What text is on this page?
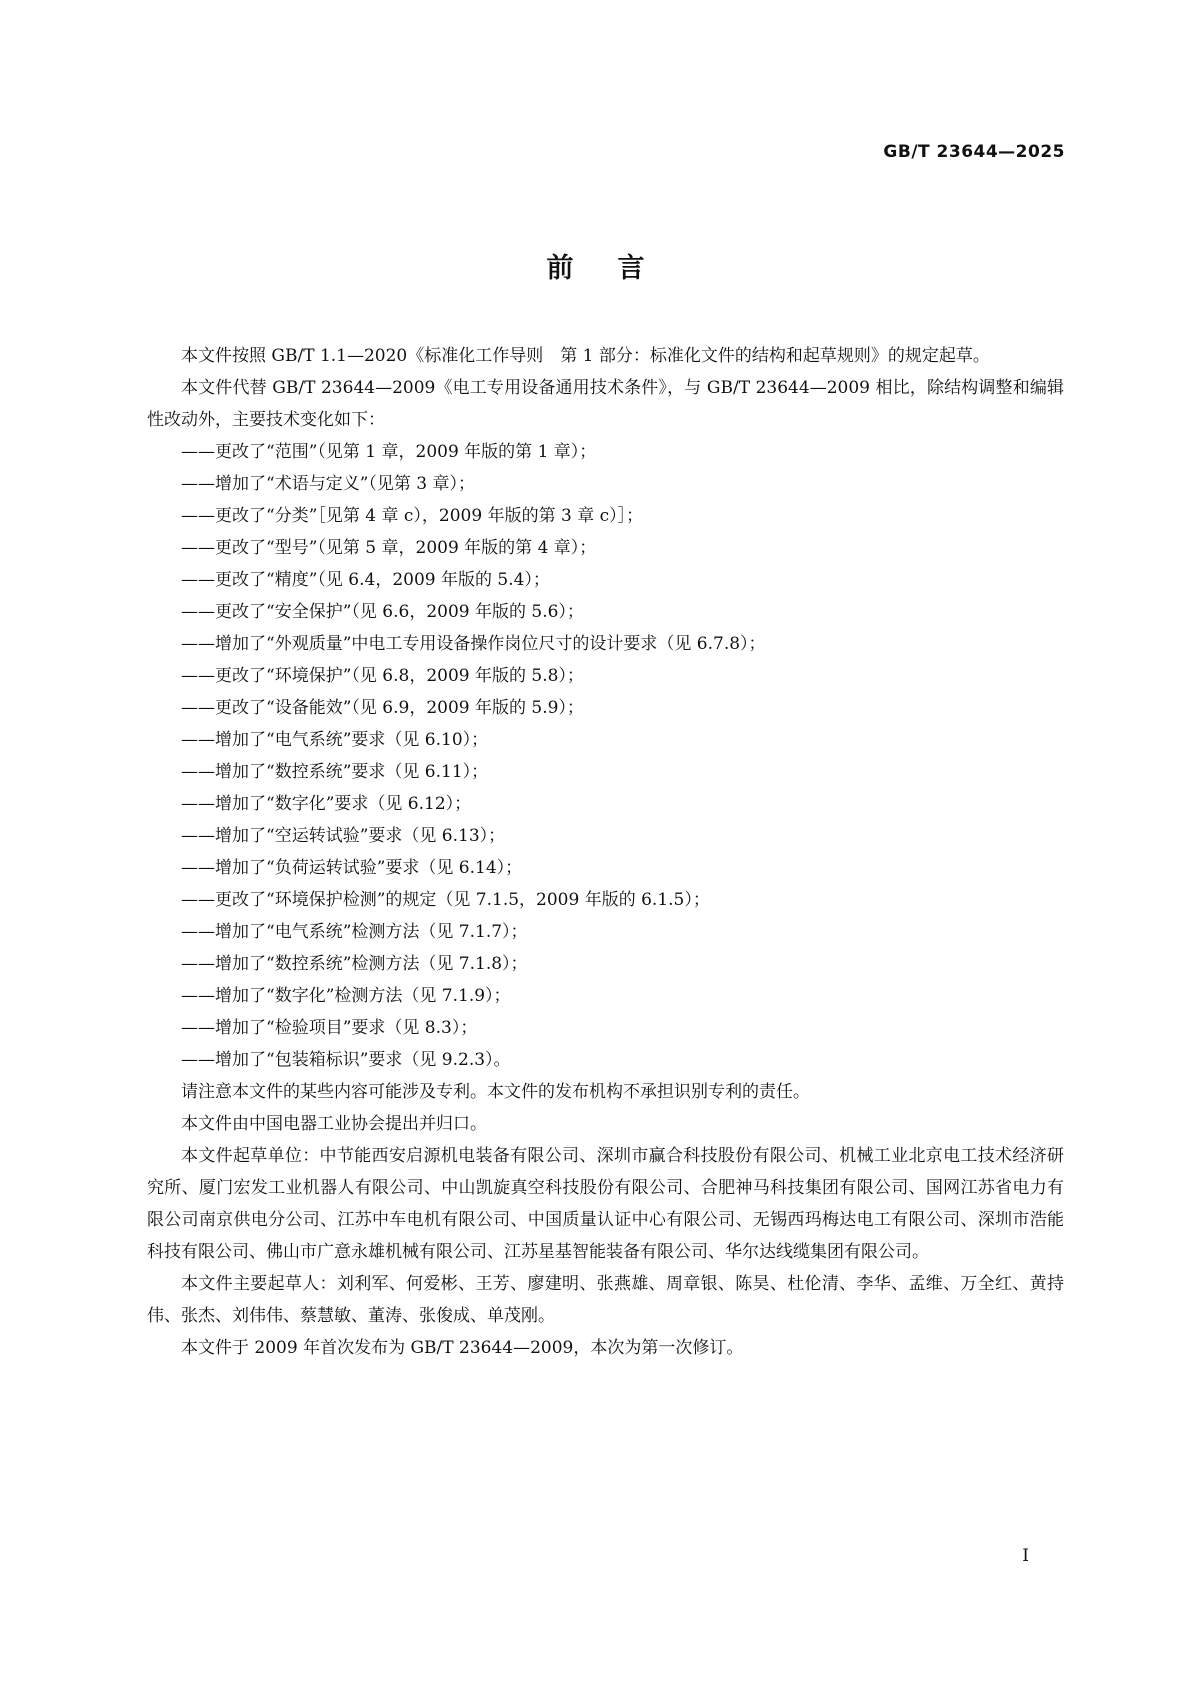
GB/T 23644—2025
前言

本文件按照 GB/T 1.1—2020《标准化工作导则　第 1 部分：标准化文件的结构和起草规则》的规定起草。

本文件代替 GB/T 23644—2009《电工专用设备通用技术条件》，与 GB/T 23644—2009 相比，除结构调整和编辑性改动外，主要技术变化如下：

——更改了“范围”（见第 1 章，2009 年版的第 1 章）；
——增加了“术语与定义”（见第 3 章）；
——更改了“分类”［见第 4 章 c），2009 年版的第 3 章 c）］；
——更改了“型号”（见第 5 章，2009 年版的第 4 章）；
——更改了“精度”（见 6.4，2009 年版的 5.4）；
——更改了“安全保护”（见 6.6，2009 年版的 5.6）；
——增加了“外观质量”中电工专用设备操作岗位尺寸的设计要求（见 6.7.8）；
——更改了“环境保护”（见 6.8，2009 年版的 5.8）；
——更改了“设备能效”（见 6.9，2009 年版的 5.9）；
——增加了“电气系统”要求（见 6.10）；
——增加了“数控系统”要求（见 6.11）；
——增加了“数字化”要求（见 6.12）；
——增加了“空运转试验”要求（见 6.13）；
——增加了“负荷运转试验”要求（见 6.14）；
——更改了“环境保护检测”的规定（见 7.1.5，2009 年版的 6.1.5）；
——增加了“电气系统”检测方法（见 7.1.7）；
——增加了“数控系统”检测方法（见 7.1.8）；
——增加了“数字化”检测方法（见 7.1.9）；
——增加了“检验项目”要求（见 8.3）；
——增加了“包装箱标识”要求（见 9.2.3）。

请注意本文件的某些内容可能涉及专利。本文件的发布机构不承担识别专利的责任。

本文件由中国电器工业协会提出并归口。

本文件起草单位：中节能西安启源机电装备有限公司、深圳市赢合科技股份有限公司、机械工业北京电工技术经济研究所、厦门宏发工业机器人有限公司、中山凯旋真空科技股份有限公司、合肥神马科技集团有限公司、国网江苏省电力有限公司南京供电分公司、江苏中车电机有限公司、中国质量认证中心有限公司、无锡西玛梅达电工有限公司、深圳市浩能科技有限公司、佛山市广意永雄机械有限公司、江苏星基智能装备有限公司、华尔达线缆集团有限公司。

本文件主要起草人：刘利军、何爱彬、王芳、廖建明、张燕雄、周章银、陈昊、杜伦清、李华、孟维、万全红、黄持伟、张杰、刘伟伟、蔡慧敏、董涛、张俊成、单茂刚。

本文件于 2009 年首次发布为 GB/T 23644—2009，本次为第一次修订。

I
